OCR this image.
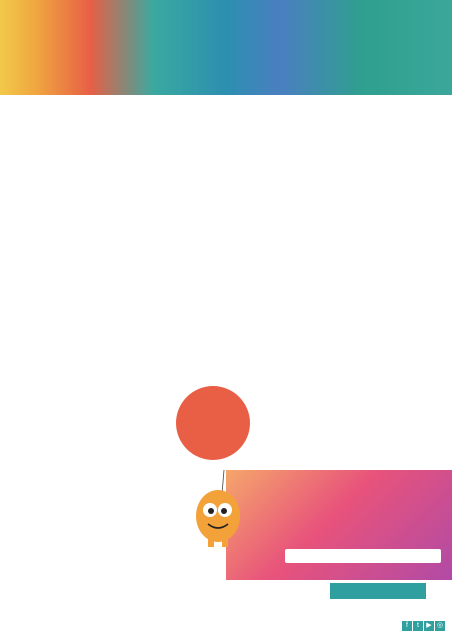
f t ▶ ◎
